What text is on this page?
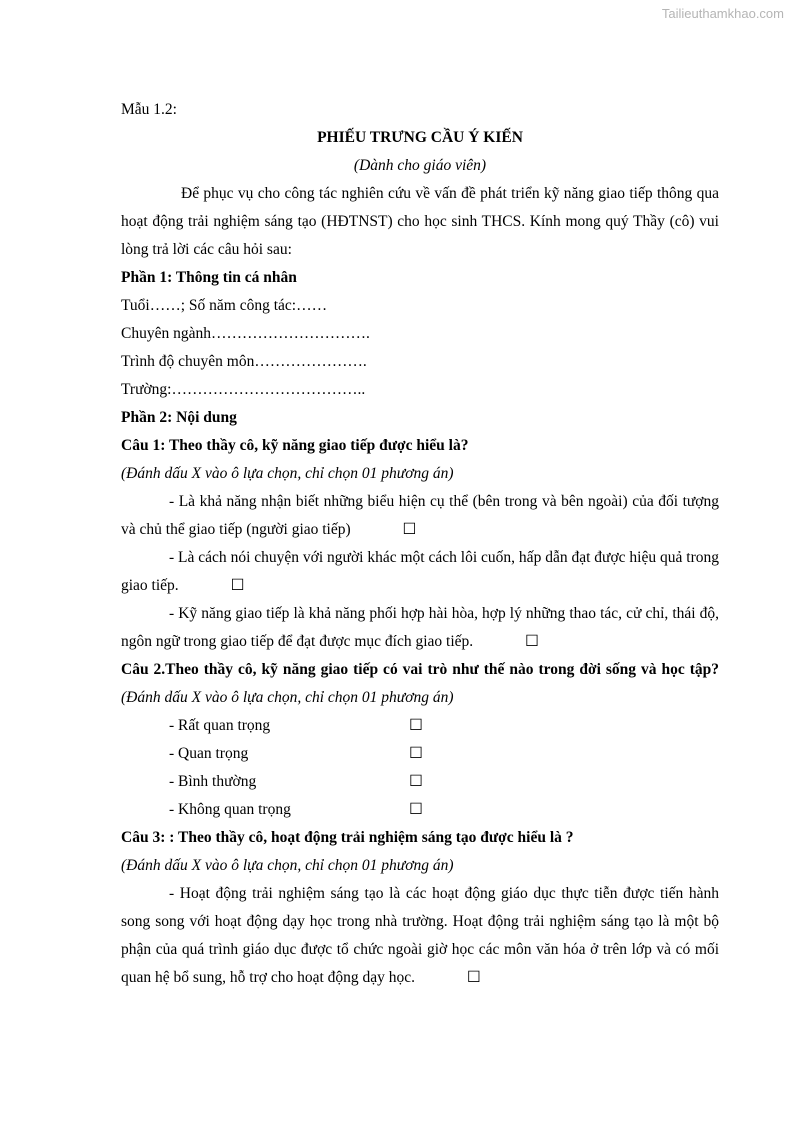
Tailieuthamkhao.com

Mẫu 1.2:

PHIẾU TRƯNG CẦU Ý KIẾN

(Dành cho giáo viên)

Để phục vụ cho công tác nghiên cứu về vấn đề phát triển kỹ năng giao tiếp thông qua hoạt động trải nghiệm sáng tạo (HĐTNST) cho học sinh THCS. Kính mong quý Thầy (cô) vui lòng trả lời các câu hỏi sau:

Phần 1: Thông tin cá nhân

Tuổi……; Số năm công tác:……

Chuyên ngành………………………….

Trình độ chuyên môn………………….

Trường:………………………………..

Phần 2: Nội dung

Câu 1: Theo thầy cô, kỹ năng giao tiếp được hiểu là?

(Đánh dấu X vào ô lựa chọn, chỉ chọn 01 phương án)

- Là khả năng nhận biết những biểu hiện cụ thể (bên trong và bên ngoài) của đối tượng và chủ thể giao tiếp (người giao tiếp)	☐

- Là cách nói chuyện với người khác một cách lôi cuốn, hấp dẫn đạt được hiệu quả trong giao tiếp.	☐

- Kỹ năng giao tiếp là khả năng phối hợp hài hòa, hợp lý những thao tác, cử chỉ, thái độ, ngôn ngữ trong giao tiếp để đạt được mục đích giao tiếp.	☐

Câu 2.Theo thầy cô, kỹ năng giao tiếp có vai trò như thế nào trong đời sống và học tập? (Đánh dấu X vào ô lựa chọn, chỉ chọn 01 phương án)

- Rất quan trọng	☐
- Quan trọng	☐
- Bình thường	☐
- Không quan trọng	☐

Câu 3: : Theo thầy cô, hoạt động trải nghiệm sáng tạo được hiểu là ?

(Đánh dấu X vào ô lựa chọn, chỉ chọn 01 phương án)

- Hoạt động trải nghiệm sáng tạo là các hoạt động giáo dục thực tiễn được tiến hành song song với hoạt động dạy học trong nhà trường. Hoạt động trải nghiệm sáng tạo là một bộ phận của quá trình giáo dục được tổ chức ngoài giờ học các môn văn hóa ở trên lớp và có mối quan hệ bổ sung, hỗ trợ cho hoạt động dạy học.	☐
